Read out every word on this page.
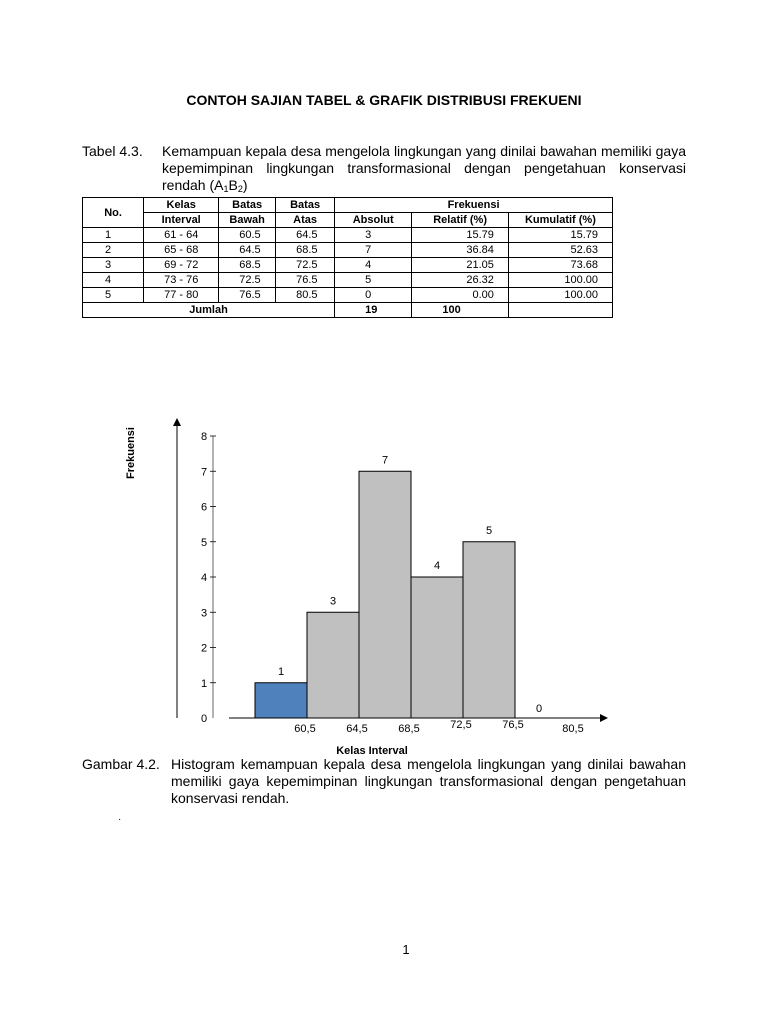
CONTOH SAJIAN TABEL & GRAFIK DISTRIBUSI FREKUENI
Tabel 4.3. Kemampuan kepala desa mengelola lingkungan yang dinilai bawahan memiliki gaya kepemimpinan lingkungan transformasional dengan pengetahuan konservasi rendah $(A_1B_2)$
No.	Kelas	Batas	Batas	Frekuensi		
	Interval	Bawah	Atas	Absolut	Relatif (%)	Kumulatif (%)
1	61 - 64	60.5	64.5	3	15.79	15.79
2	65 - 68	64.5	68.5	7	36.84	52.63
3	69 - 72	68.5	72.5	4	21.05	73.68
4	73 - 76	72.5	76.5	5	26.32	100.00
5	77 - 80	76.5	80.5	0	0.00	100.00
Jumlah				19	100	
Frekuensi
0
1
2
3
4
5
6
7
8
1
3
7
4
5
0
60,5	64,5	68,5	72,5	76,5	80,5
Kelas Interval
Gambar 4.2. Histogram kemampuan kepala desa mengelola lingkungan yang dinilai bawahan memiliki gaya kepemimpinan lingkungan transformasional dengan pengetahuan konservasi rendah.
·
1
